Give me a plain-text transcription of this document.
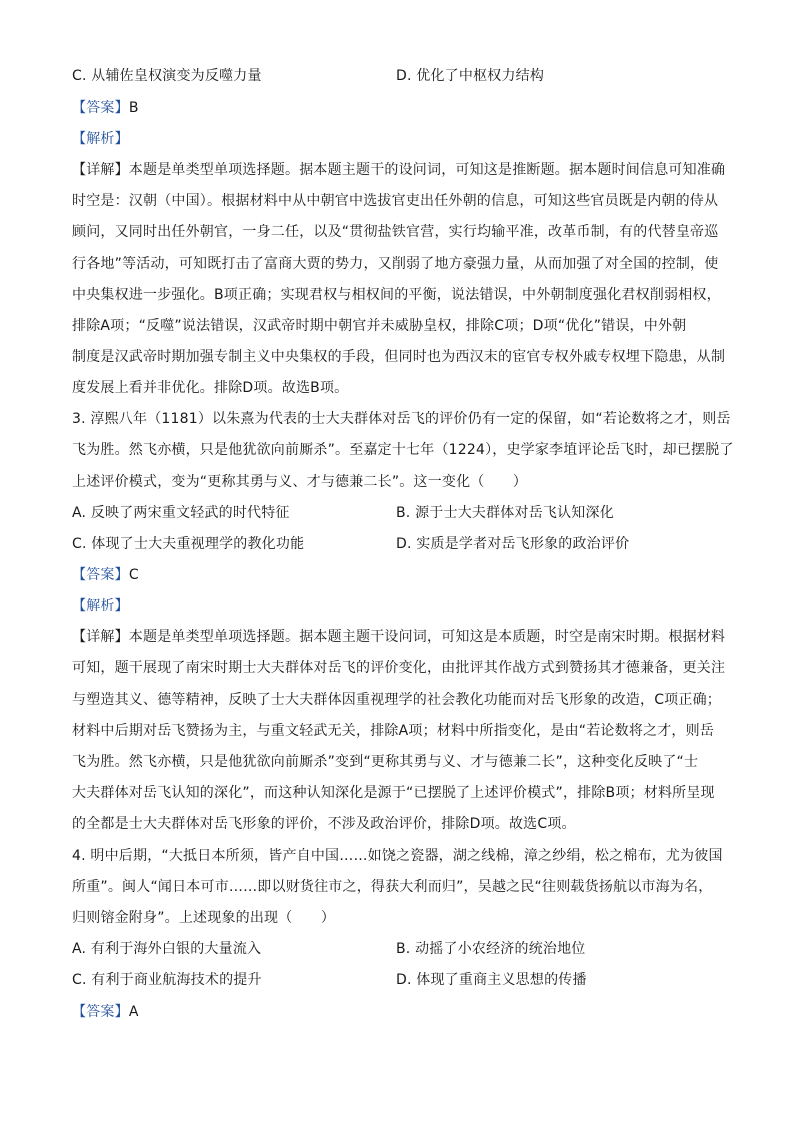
C. 从辅佐皇权演变为反噬力量	D. 优化了中枢权力结构
【答案】B
【解析】
【详解】本题是单类型单项选择题。据本题主题干的设问词，可知这是推断题。据本题时间信息可知准确
时空是：汉朝（中国）。根据材料中从中朝官中选拔官吏出任外朝的信息，可知这些官员既是内朝的侍从
顾问，又同时出任外朝官，一身二任，以及“贯彻盐铁官营，实行均输平准，改革币制，有的代替皇帝巡
行各地”等活动，可知既打击了富商大贾的势力，又削弱了地方豪强力量，从而加强了对全国的控制，使
中央集权进一步强化。B项正确；实现君权与相权间的平衡，说法错误，中外朝制度强化君权削弱相权，
排除A项；“反噬”说法错误，汉武帝时期中朝官并未威胁皇权，排除C项；D项“优化”错误，中外朝
制度是汉武帝时期加强专制主义中央集权的手段，但同时也为西汉末的宦官专权外戚专权埋下隐患，从制
度发展上看并非优化。排除D项。故选B项。
3. 淳熙八年（1181）以朱熹为代表的士大夫群体对岳飞的评价仍有一定的保留，如“若论数将之才，则岳
飞为胜。然飞亦横，只是他犹欲向前厮杀”。至嘉定十七年（1224），史学家李埴评论岳飞时，却已摆脱了
上述评价模式，变为“更称其勇与义、才与德兼二长”。这一变化（　　）
A. 反映了两宋重文轻武的时代特征	B. 源于士大夫群体对岳飞认知深化
C. 体现了士大夫重视理学的教化功能	D. 实质是学者对岳飞形象的政治评价
【答案】C
【解析】
【详解】本题是单类型单项选择题。据本题主题干设问词，可知这是本质题，时空是南宋时期。根据材料
可知，题干展现了南宋时期士大夫群体对岳飞的评价变化，由批评其作战方式到赞扬其才德兼备，更关注
与塑造其义、德等精神，反映了士大夫群体因重视理学的社会教化功能而对岳飞形象的改造，C项正确；
材料中后期对岳飞赞扬为主，与重文轻武无关，排除A项；材料中所指变化，是由“若论数将之才，则岳
飞为胜。然飞亦横，只是他犹欲向前厮杀”变到“更称其勇与义、才与德兼二长”，这种变化反映了“士
大夫群体对岳飞认知的深化”，而这种认知深化是源于“已摆脱了上述评价模式”，排除B项；材料所呈现
的全都是士大夫群体对岳飞形象的评价，不涉及政治评价，排除D项。故选C项。
4. 明中后期，“大抵日本所须，皆产自中国……如饶之瓷器，湖之线棉，漳之纱绢，松之棉布，尤为彼国
所重”。闽人“闻日本可市……即以财货往市之，得获大利而归”，吴越之民“往则载货扬航以市海为名，
归则镕金附身”。上述现象的出现（　　）
A. 有利于海外白银的大量流入	B. 动摇了小农经济的统治地位
C. 有利于商业航海技术的提升	D. 体现了重商主义思想的传播
【答案】A
